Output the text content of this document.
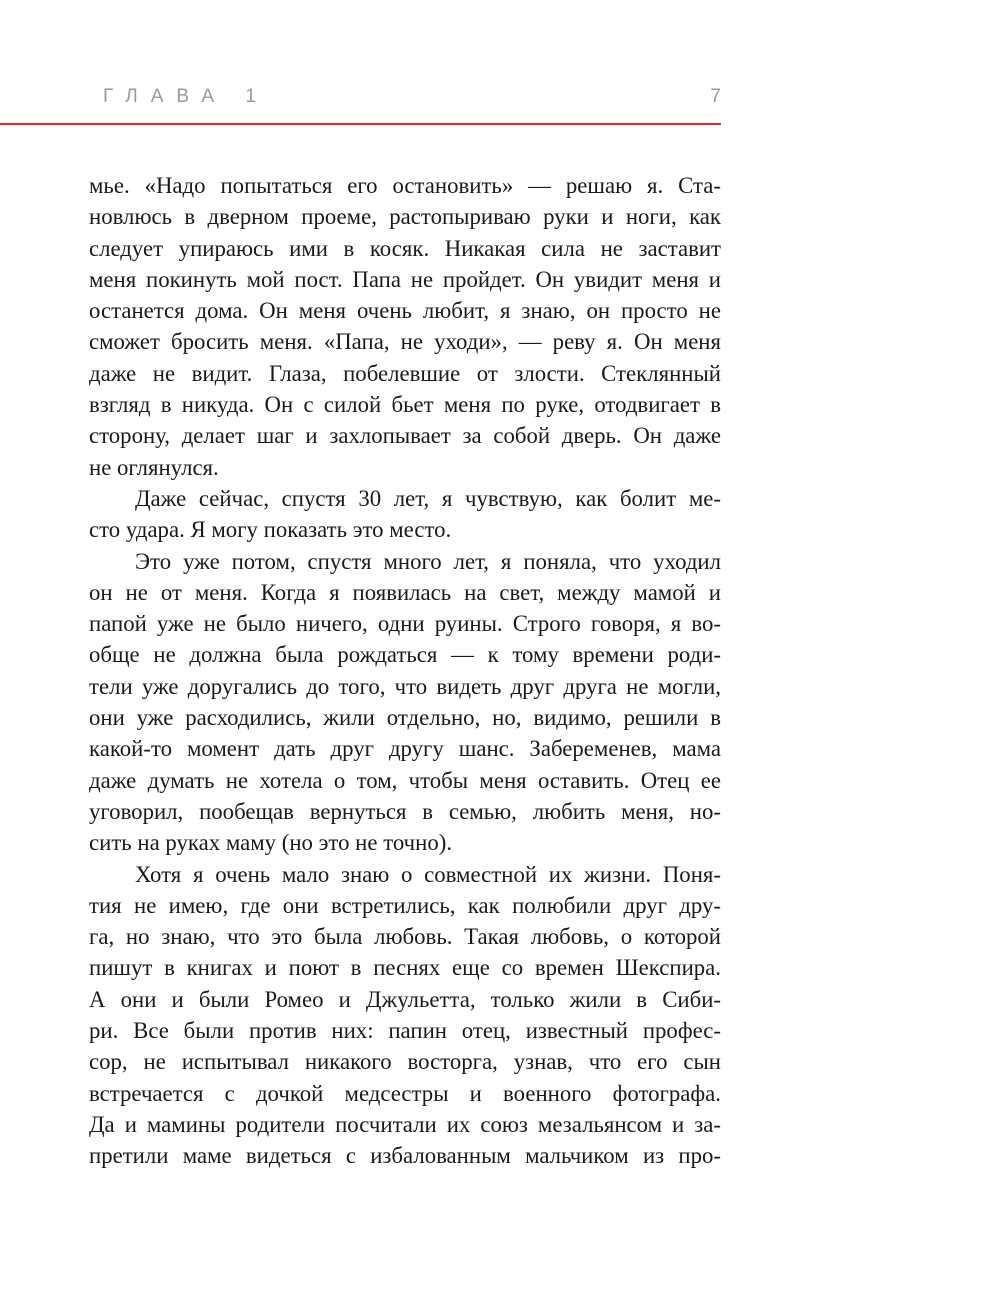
ГЛАВА 1	7
мье. «Надо попытаться его остановить» — решаю я. Ста-
новлюсь в дверном проеме, растопыриваю руки и ноги, как
следует упираюсь ими в косяк. Никакая сила не заставит
меня покинуть мой пост. Папа не пройдет. Он увидит меня и
останется дома. Он меня очень любит, я знаю, он просто не
сможет бросить меня. «Папа, не уходи», — реву я. Он меня
даже не видит. Глаза, побелевшие от злости. Стеклянный
взгляд в никуда. Он с силой бьет меня по руке, отодвигает в
сторону, делает шаг и захлопывает за собой дверь. Он даже
не оглянулся.
Даже сейчас, спустя 30 лет, я чувствую, как болит ме-
сто удара. Я могу показать это место.
Это уже потом, спустя много лет, я поняла, что уходил
он не от меня. Когда я появилась на свет, между мамой и
папой уже не было ничего, одни руины. Строго говоря, я во-
обще не должна была рождаться — к тому времени роди-
тели уже доругались до того, что видеть друг друга не могли,
они уже расходились, жили отдельно, но, видимо, решили в
какой-то момент дать друг другу шанс. Забеременев, мама
даже думать не хотела о том, чтобы меня оставить. Отец ее
уговорил, пообещав вернуться в семью, любить меня, но-
сить на руках маму (но это не точно).
Хотя я очень мало знаю о совместной их жизни. Поня-
тия не имею, где они встретились, как полюбили друг дру-
га, но знаю, что это была любовь. Такая любовь, о которой
пишут в книгах и поют в песнях еще со времен Шекспира.
А они и были Ромео и Джульетта, только жили в Сиби-
ри. Все были против них: папин отец, известный профес-
сор, не испытывал никакого восторга, узнав, что его сын
встречается с дочкой медсестры и военного фотографа.
Да и мамины родители посчитали их союз мезальянсом и за-
претили маме видеться с избалованным мальчиком из про-
